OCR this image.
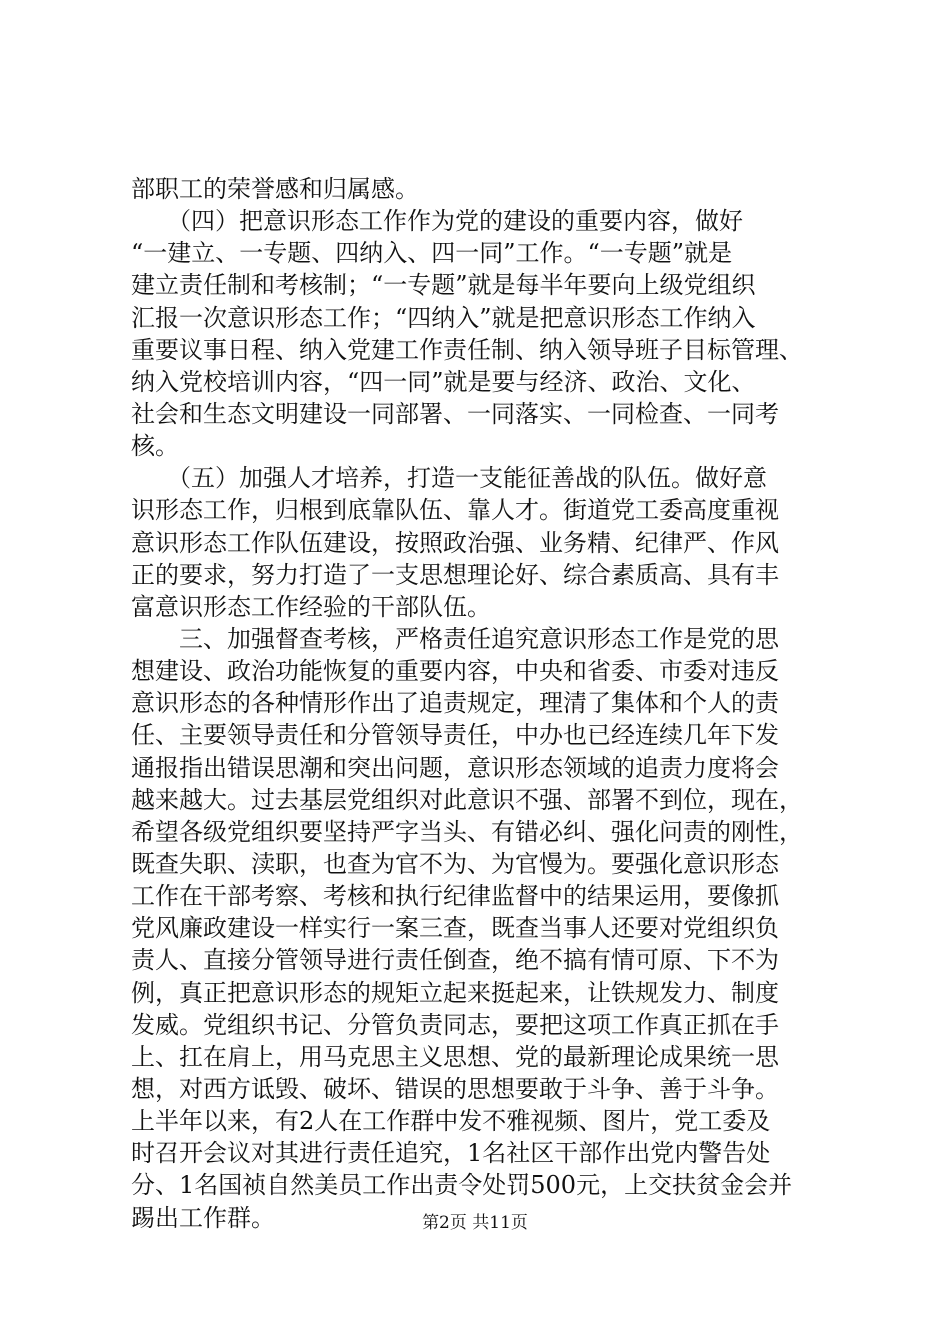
部职工的荣誉感和归属感。
　　（四）把意识形态工作作为党的建设的重要内容，做好
“一建立、一专题、四纳入、四一同”工作。“一专题”就是
建立责任制和考核制；“一专题”就是每半年要向上级党组织
汇报一次意识形态工作；“四纳入”就是把意识形态工作纳入
重要议事日程、纳入党建工作责任制、纳入领导班子目标管理、
纳入党校培训内容，“四一同”就是要与经济、政治、文化、
社会和生态文明建设一同部署、一同落实、一同检查、一同考
核。
　　（五）加强人才培养，打造一支能征善战的队伍。做好意
识形态工作，归根到底靠队伍、靠人才。街道党工委高度重视
意识形态工作队伍建设，按照政治强、业务精、纪律严、作风
正的要求，努力打造了一支思想理论好、综合素质高、具有丰
富意识形态工作经验的干部队伍。
　　三、加强督查考核，严格责任追究意识形态工作是党的思
想建设、政治功能恢复的重要内容，中央和省委、市委对违反
意识形态的各种情形作出了追责规定，理清了集体和个人的责
任、主要领导责任和分管领导责任，中办也已经连续几年下发
通报指出错误思潮和突出问题，意识形态领域的追责力度将会
越来越大。过去基层党组织对此意识不强、部署不到位，现在，
希望各级党组织要坚持严字当头、有错必纠、强化问责的刚性，
既查失职、渎职，也查为官不为、为官慢为。要强化意识形态
工作在干部考察、考核和执行纪律监督中的结果运用，要像抓
党风廉政建设一样实行一案三查，既查当事人还要对党组织负
责人、直接分管领导进行责任倒查，绝不搞有情可原、下不为
例，真正把意识形态的规矩立起来挺起来，让铁规发力、制度
发威。党组织书记、分管负责同志，要把这项工作真正抓在手
上、扛在肩上，用马克思主义思想、党的最新理论成果统一思
想，对西方诋毁、破坏、错误的思想要敢于斗争、善于斗争。
上半年以来，有2人在工作群中发不雅视频、图片，党工委及
时召开会议对其进行责任追究，1名社区干部作出党内警告处
分、1名国祯自然美员工作出责令处罚500元，上交扶贫金会并
踢出工作群。	第2页 共11页
